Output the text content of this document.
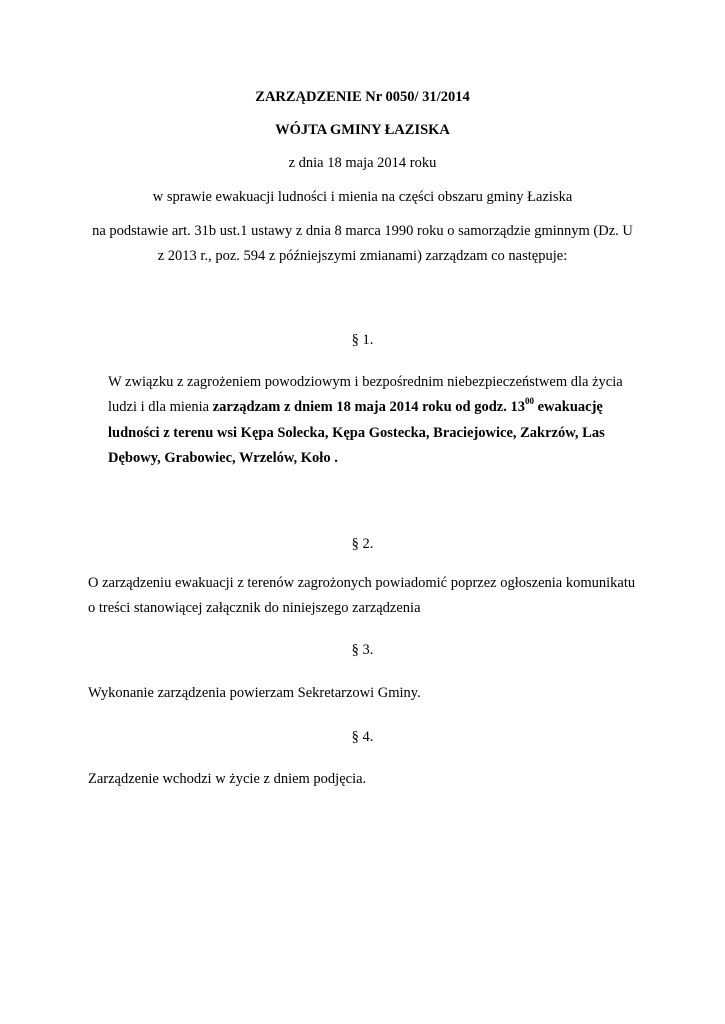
ZARZĄDZENIE Nr 0050/ 31/2014
WÓJTA GMINY ŁAZISKA
z dnia 18 maja 2014 roku
w sprawie ewakuacji ludności i mienia na części obszaru gminy Łaziska
na podstawie art. 31b ust.1 ustawy z dnia 8 marca 1990 roku o samorządzie gminnym (Dz. U
z 2013 r., poz. 594 z późniejszymi zmianami) zarządzam co następuje:
§ 1.
W związku z zagrożeniem powodziowym i bezpośrednim niebezpieczeństwem dla życia
ludzi i dla mienia zarządzam z dniem 18 maja 2014 roku od godz. $13^{00}$ ewakuację
ludności z terenu wsi Kępa Solecka, Kępa Gostecka, Braciejowice, Zakrzów, Las
Dębowy, Grabowiec, Wrzelów, Koło .
§ 2.
O zarządzeniu ewakuacji z terenów zagrożonych powiadomić poprzez ogłoszenia komunikatu
o treści stanowiącej załącznik do niniejszego zarządzenia
§ 3.
Wykonanie zarządzenia powierzam Sekretarzowi Gminy.
§ 4.
Zarządzenie wchodzi w życie z dniem podjęcia.
